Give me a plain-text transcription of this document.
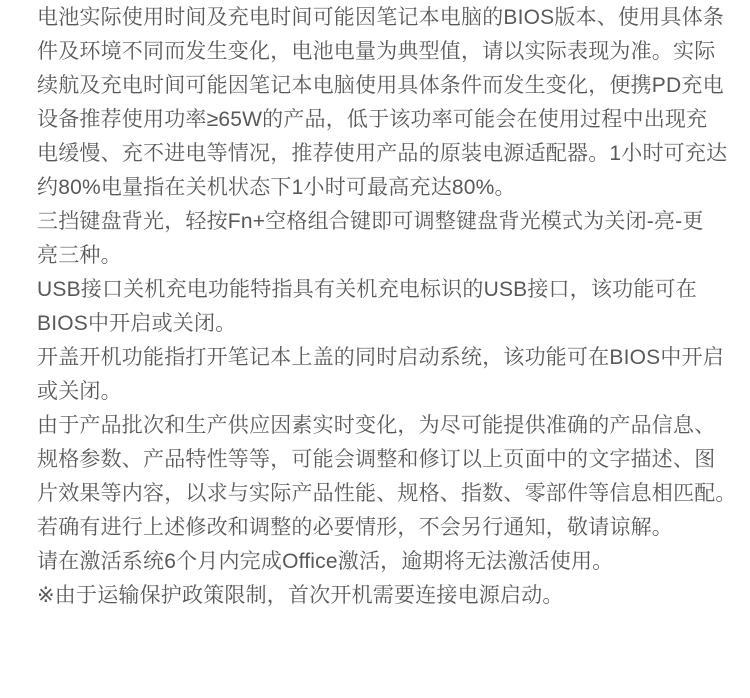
电池实际使用时间及充电时间可能因笔记本电脑的BIOS版本、使用具体条
件及环境不同而发生变化，电池电量为典型值，请以实际表现为准。实际
续航及充电时间可能因笔记本电脑使用具体条件而发生变化，便携PD充电
设备推荐使用功率≥65W的产品，低于该功率可能会在使用过程中出现充
电缓慢、充不进电等情况，推荐使用产品的原装电源适配器。1小时可充达
约80%电量指在关机状态下1小时可最高充达80%。
三挡键盘背光，轻按Fn+空格组合键即可调整键盘背光模式为关闭-亮-更
亮三种。
USB接口关机充电功能特指具有关机充电标识的USB接口，该功能可在
BIOS中开启或关闭。
开盖开机功能指打开笔记本上盖的同时启动系统，该功能可在BIOS中开启
或关闭。
由于产品批次和生产供应因素实时变化，为尽可能提供准确的产品信息、
规格参数、产品特性等等，可能会调整和修订以上页面中的文字描述、图
片效果等内容，以求与实际产品性能、规格、指数、零部件等信息相匹配。
若确有进行上述修改和调整的必要情形，不会另行通知，敬请谅解。
请在激活系统6个月内完成Office激活，逾期将无法激活使用。
※由于运输保护政策限制，首次开机需要连接电源启动。
